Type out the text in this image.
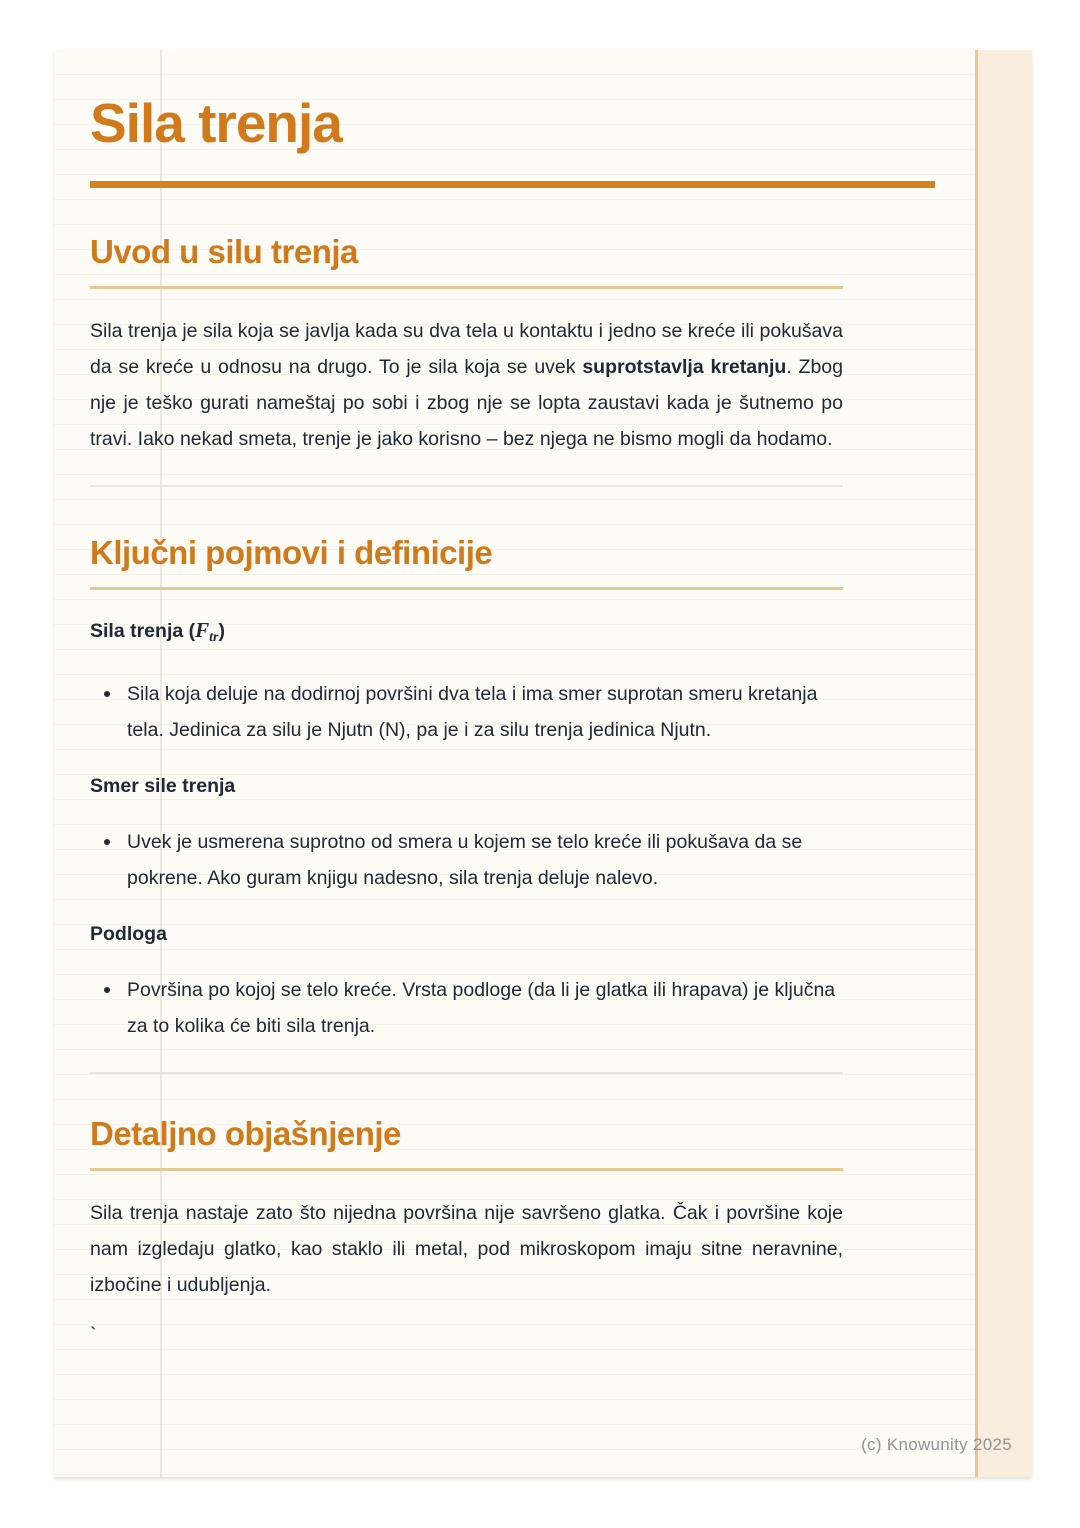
Sila trenja
Uvod u silu trenja

Sila trenja je sila koja se javlja kada su dva tela u kontaktu i jedno se kreće ili pokušava da se kreće u odnosu na drugo. To je sila koja se uvek suprotstavlja kretanju. Zbog nje je teško gurati nameštaj po sobi i zbog nje se lopta zaustavi kada je šutnemo po travi. Iako nekad smeta, trenje je jako korisno – bez njega ne bismo mogli da hodamo.

Ključni pojmovi i definicije
Sila trenja $(F_{tr})$
Sila koja deluje na dodirnoj površini dva tela i ima smer suprotan smeru kretanja tela. Jedinica za silu je Njutn (N), pa je i za silu trenja jedinica Njutn.
Smer sile trenja
Uvek je usmerena suprotno od smera u kojem se telo kreće ili pokušava da se pokrene. Ako guram knjigu nadesno, sila trenja deluje nalevo.
Podloga
Površina po kojoj se telo kreće. Vrsta podloge (da li je glatka ili hrapava) je ključna za to kolika će biti sila trenja.
Detaljno objašnjenje

Sila trenja nastaje zato što nijedna površina nije savršeno glatka. Čak i površine koje nam izgledaju glatko, kao staklo ili metal, pod mikroskopom imaju sitne neravnine, izbočine i udubljenja.

`
(c) Knowunity 2025
